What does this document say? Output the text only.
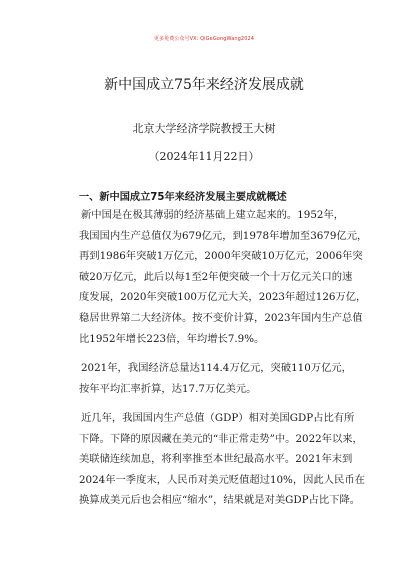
更多免费公众号VX: QiGeGongWang2024
新中国成立75年来经济发展成就
北京大学经济学院教授王大树
（2024年11月22日）
一、新中国成立75年来经济发展主要成就概述
新中国是在极其薄弱的经济基础上建立起来的。1952年，
我国国内生产总值仅为679亿元，到1978年增加至3679亿元，
再到1986年突破1万亿元，2000年突破10万亿元，2006年突
破20万亿元，此后以每1至2年便突破一个十万亿元关口的速
度发展，2020年突破100万亿元大关，2023年超过126万亿，
稳居世界第二大经济体。按不变价计算，2023年国内生产总值
比1952年增长223倍，年均增长7.9%。
2021年，我国经济总量达114.4万亿元，突破110万亿元，
按年平均汇率折算，达17.7万亿美元。
近几年，我国国内生产总值（GDP）相对美国GDP占比有所
下降。下降的原因藏在美元的“非正常走势”中。2022年以来，
美联储连续加息，将利率推至本世纪最高水平。2021年末到
2024年一季度末，人民币对美元贬值超过10%，因此人民币在
换算成美元后也会相应“缩水”，结果就是对美GDP占比下降。
